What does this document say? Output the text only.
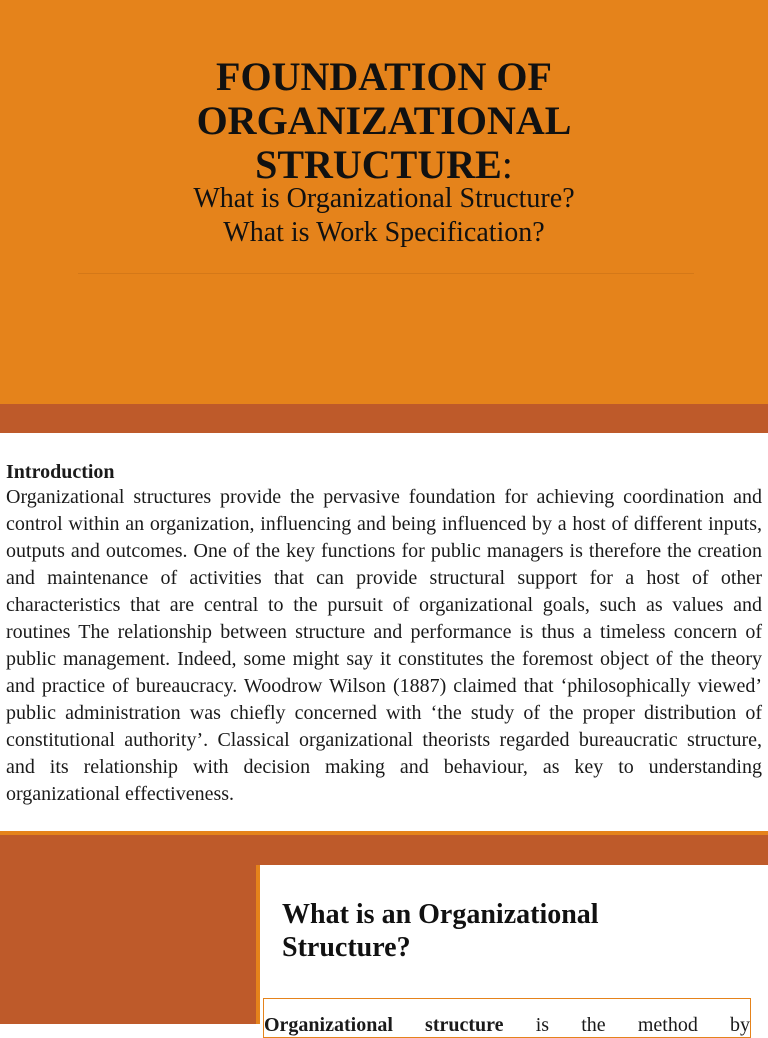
FOUNDATION OF
ORGANIZATIONAL
STRUCTURE:
What is Organizational Structure?
What is Work Specification?
Introduction

Organizational structures provide the pervasive foundation for achieving coordination and control within an organization, influencing and being influenced by a host of different inputs, outputs and outcomes. One of the key functions for public managers is therefore the creation and maintenance of activities that can provide structural support for a host of other characteristics that are central to the pursuit of organizational goals, such as values and routines The relationship between structure and performance is thus a timeless concern of public management. Indeed, some might say it constitutes the foremost object of the theory and practice of bureaucracy. Woodrow Wilson (1887) claimed that ‘philosophically viewed’ public administration was chiefly concerned with ‘the study of the proper distribution of constitutional authority’. Classical organizational theorists regarded bureaucratic structure, and its relationship with decision making and behaviour, as key to understanding organizational effectiveness.

What is an Organizational Structure?
Organizational structure is the method by
